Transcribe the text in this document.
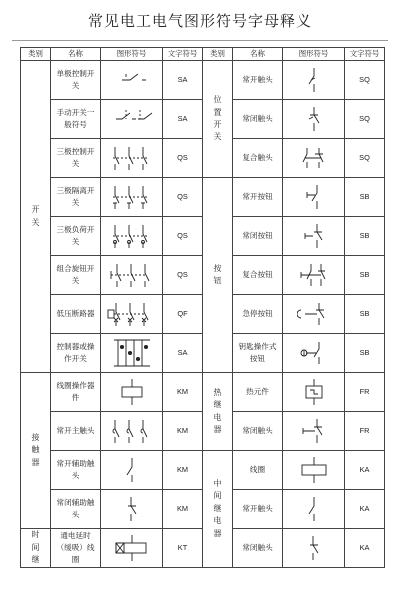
常见电工电气图形符号字母释义
类别	名称	图形符号	文字符号	类别	名称	图形符号	文字符号
开关	单极控制开关		SA	位置开关	常开触头		SQ
	手动开关一般符号		SA		常闭触头		SQ
	三极控制开关		QS		复合触头		SQ
	三极隔离开关		QS	按钮	常开按钮		SB
	三极负荷开关		QS		常闭按钮		SB
	组合旋钮开关		QS		复合按钮		SB
	低压断路器		QF		急停按钮		SB
	控制器或操作开关		SA		钥匙操作式按钮		SB
接触器	线圈操作器件		KM	热继电器	热元件		FR
	常开主触头		KM		常闭触头		FR
	常开辅助触头		KM	中间继电器	线圈		KA
	常闭辅助触头		KM		常开触头		KA
时间继	通电延时（缓吸）线圈		KT		常闭触头		KA
